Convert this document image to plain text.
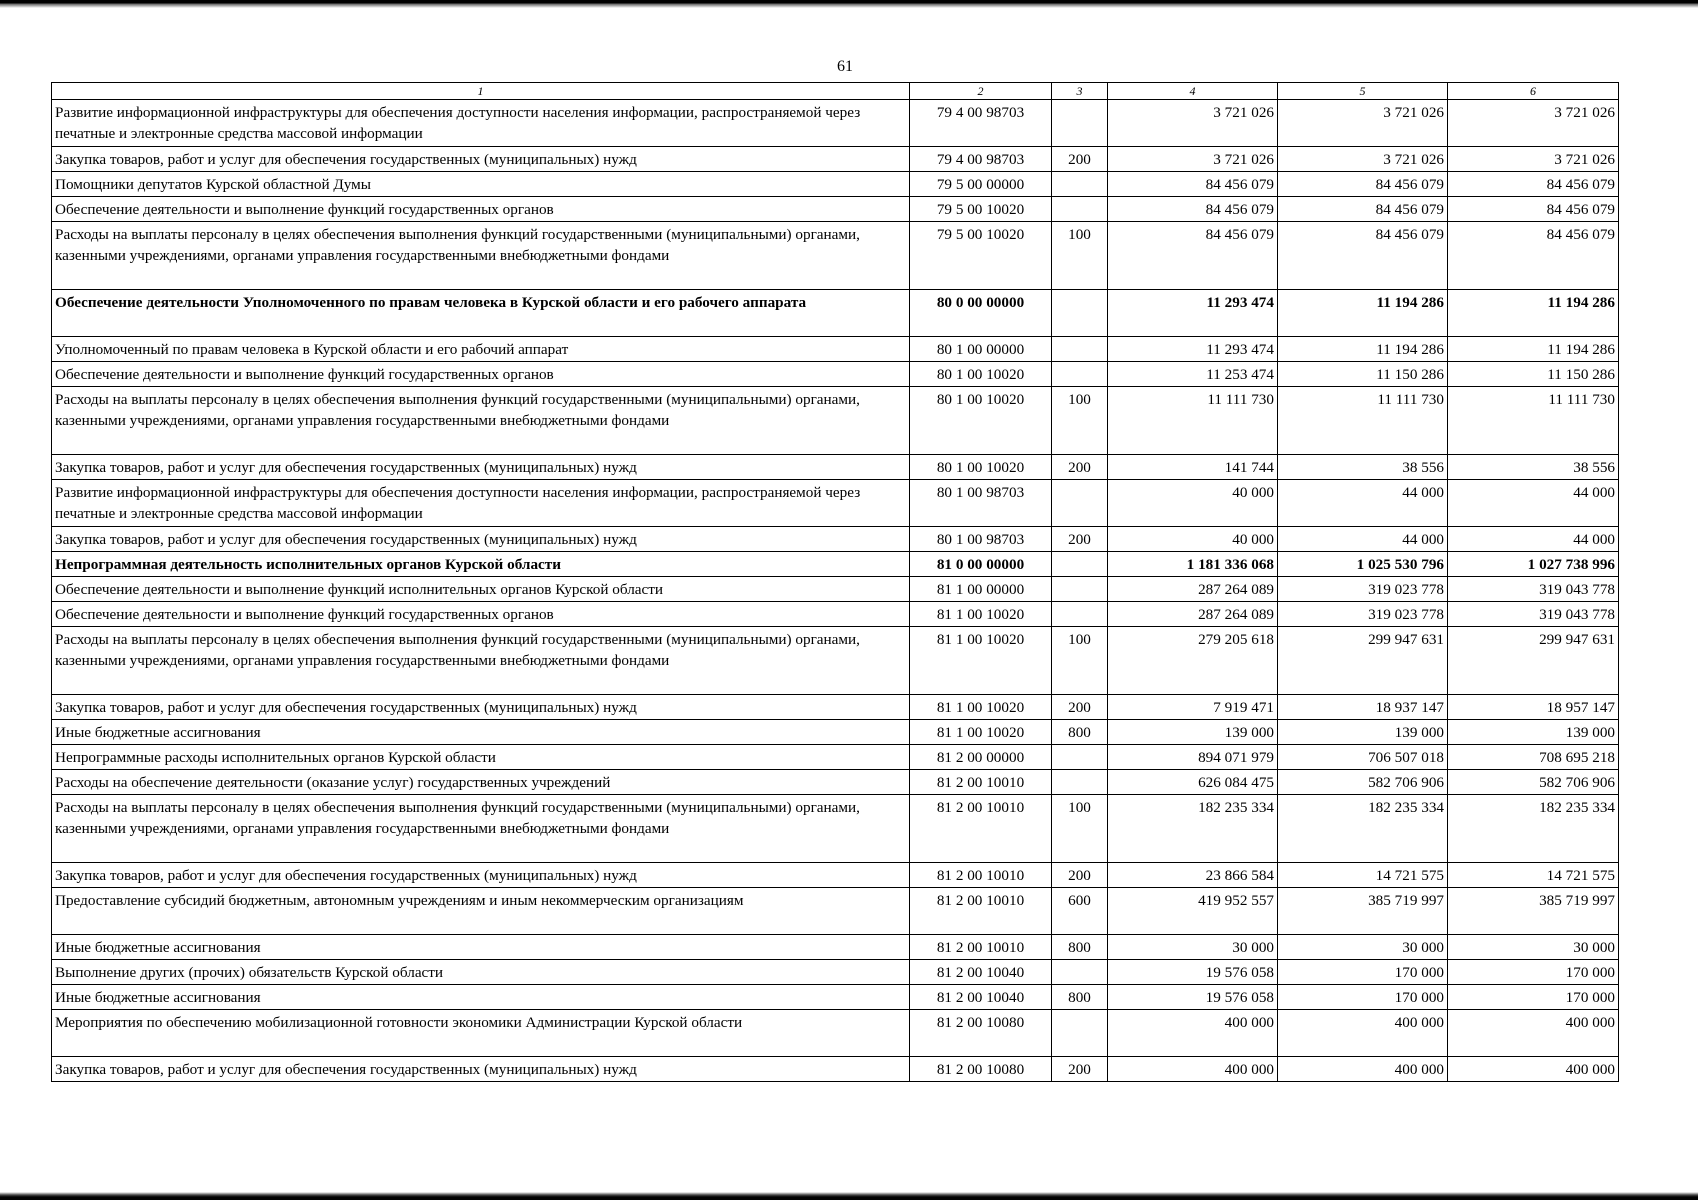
61
1	2	3	4	5	6
Развитие информационной инфраструктуры для обеспечения доступности населения информации, распространяемой через печатные и электронные средства массовой информации	79 4 00 98703		3 721 026	3 721 026	3 721 026
Закупка товаров, работ и услуг для обеспечения государственных (муниципальных) нужд	79 4 00 98703	200	3 721 026	3 721 026	3 721 026
Помощники депутатов Курской областной Думы	79 5 00 00000		84 456 079	84 456 079	84 456 079
Обеспечение деятельности и выполнение функций государственных органов	79 5 00 10020		84 456 079	84 456 079	84 456 079
Расходы на выплаты персоналу в целях обеспечения выполнения функций государственными (муниципальными) органами, казенными учреждениями, органами управления государственными внебюджетными фондами	79 5 00 10020	100	84 456 079	84 456 079	84 456 079
Обеспечение деятельности Уполномоченного по правам человека в Курской области и его рабочего аппарата	80 0 00 00000		11 293 474	11 194 286	11 194 286
Уполномоченный по правам человека в Курской области и его рабочий аппарат	80 1 00 00000		11 293 474	11 194 286	11 194 286
Обеспечение деятельности и выполнение функций государственных органов	80 1 00 10020		11 253 474	11 150 286	11 150 286
Расходы на выплаты персоналу в целях обеспечения выполнения функций государственными (муниципальными) органами, казенными учреждениями, органами управления государственными внебюджетными фондами	80 1 00 10020	100	11 111 730	11 111 730	11 111 730
Закупка товаров, работ и услуг для обеспечения государственных (муниципальных) нужд	80 1 00 10020	200	141 744	38 556	38 556
Развитие информационной инфраструктуры для обеспечения доступности населения информации, распространяемой через печатные и электронные средства массовой информации	80 1 00 98703		40 000	44 000	44 000
Закупка товаров, работ и услуг для обеспечения государственных (муниципальных) нужд	80 1 00 98703	200	40 000	44 000	44 000
Непрограммная деятельность исполнительных органов Курской области	81 0 00 00000		1 181 336 068	1 025 530 796	1 027 738 996
Обеспечение деятельности и выполнение функций исполнительных органов Курской области	81 1 00 00000		287 264 089	319 023 778	319 043 778
Обеспечение деятельности и выполнение функций государственных органов	81 1 00 10020		287 264 089	319 023 778	319 043 778
Расходы на выплаты персоналу в целях обеспечения выполнения функций государственными (муниципальными) органами, казенными учреждениями, органами управления государственными внебюджетными фондами	81 1 00 10020	100	279 205 618	299 947 631	299 947 631
Закупка товаров, работ и услуг для обеспечения государственных (муниципальных) нужд	81 1 00 10020	200	7 919 471	18 937 147	18 957 147
Иные бюджетные ассигнования	81 1 00 10020	800	139 000	139 000	139 000
Непрограммные расходы исполнительных органов Курской области	81 2 00 00000		894 071 979	706 507 018	708 695 218
Расходы на обеспечение деятельности (оказание услуг) государственных учреждений	81 2 00 10010		626 084 475	582 706 906	582 706 906
Расходы на выплаты персоналу в целях обеспечения выполнения функций государственными (муниципальными) органами, казенными учреждениями, органами управления государственными внебюджетными фондами	81 2 00 10010	100	182 235 334	182 235 334	182 235 334
Закупка товаров, работ и услуг для обеспечения государственных (муниципальных) нужд	81 2 00 10010	200	23 866 584	14 721 575	14 721 575
Предоставление субсидий бюджетным, автономным учреждениям и иным некоммерческим организациям	81 2 00 10010	600	419 952 557	385 719 997	385 719 997
Иные бюджетные ассигнования	81 2 00 10010	800	30 000	30 000	30 000
Выполнение других (прочих) обязательств Курской области	81 2 00 10040		19 576 058	170 000	170 000
Иные бюджетные ассигнования	81 2 00 10040	800	19 576 058	170 000	170 000
Мероприятия по обеспечению мобилизационной готовности экономики Администрации Курской области	81 2 00 10080		400 000	400 000	400 000
Закупка товаров, работ и услуг для обеспечения государственных (муниципальных) нужд	81 2 00 10080	200	400 000	400 000	400 000
